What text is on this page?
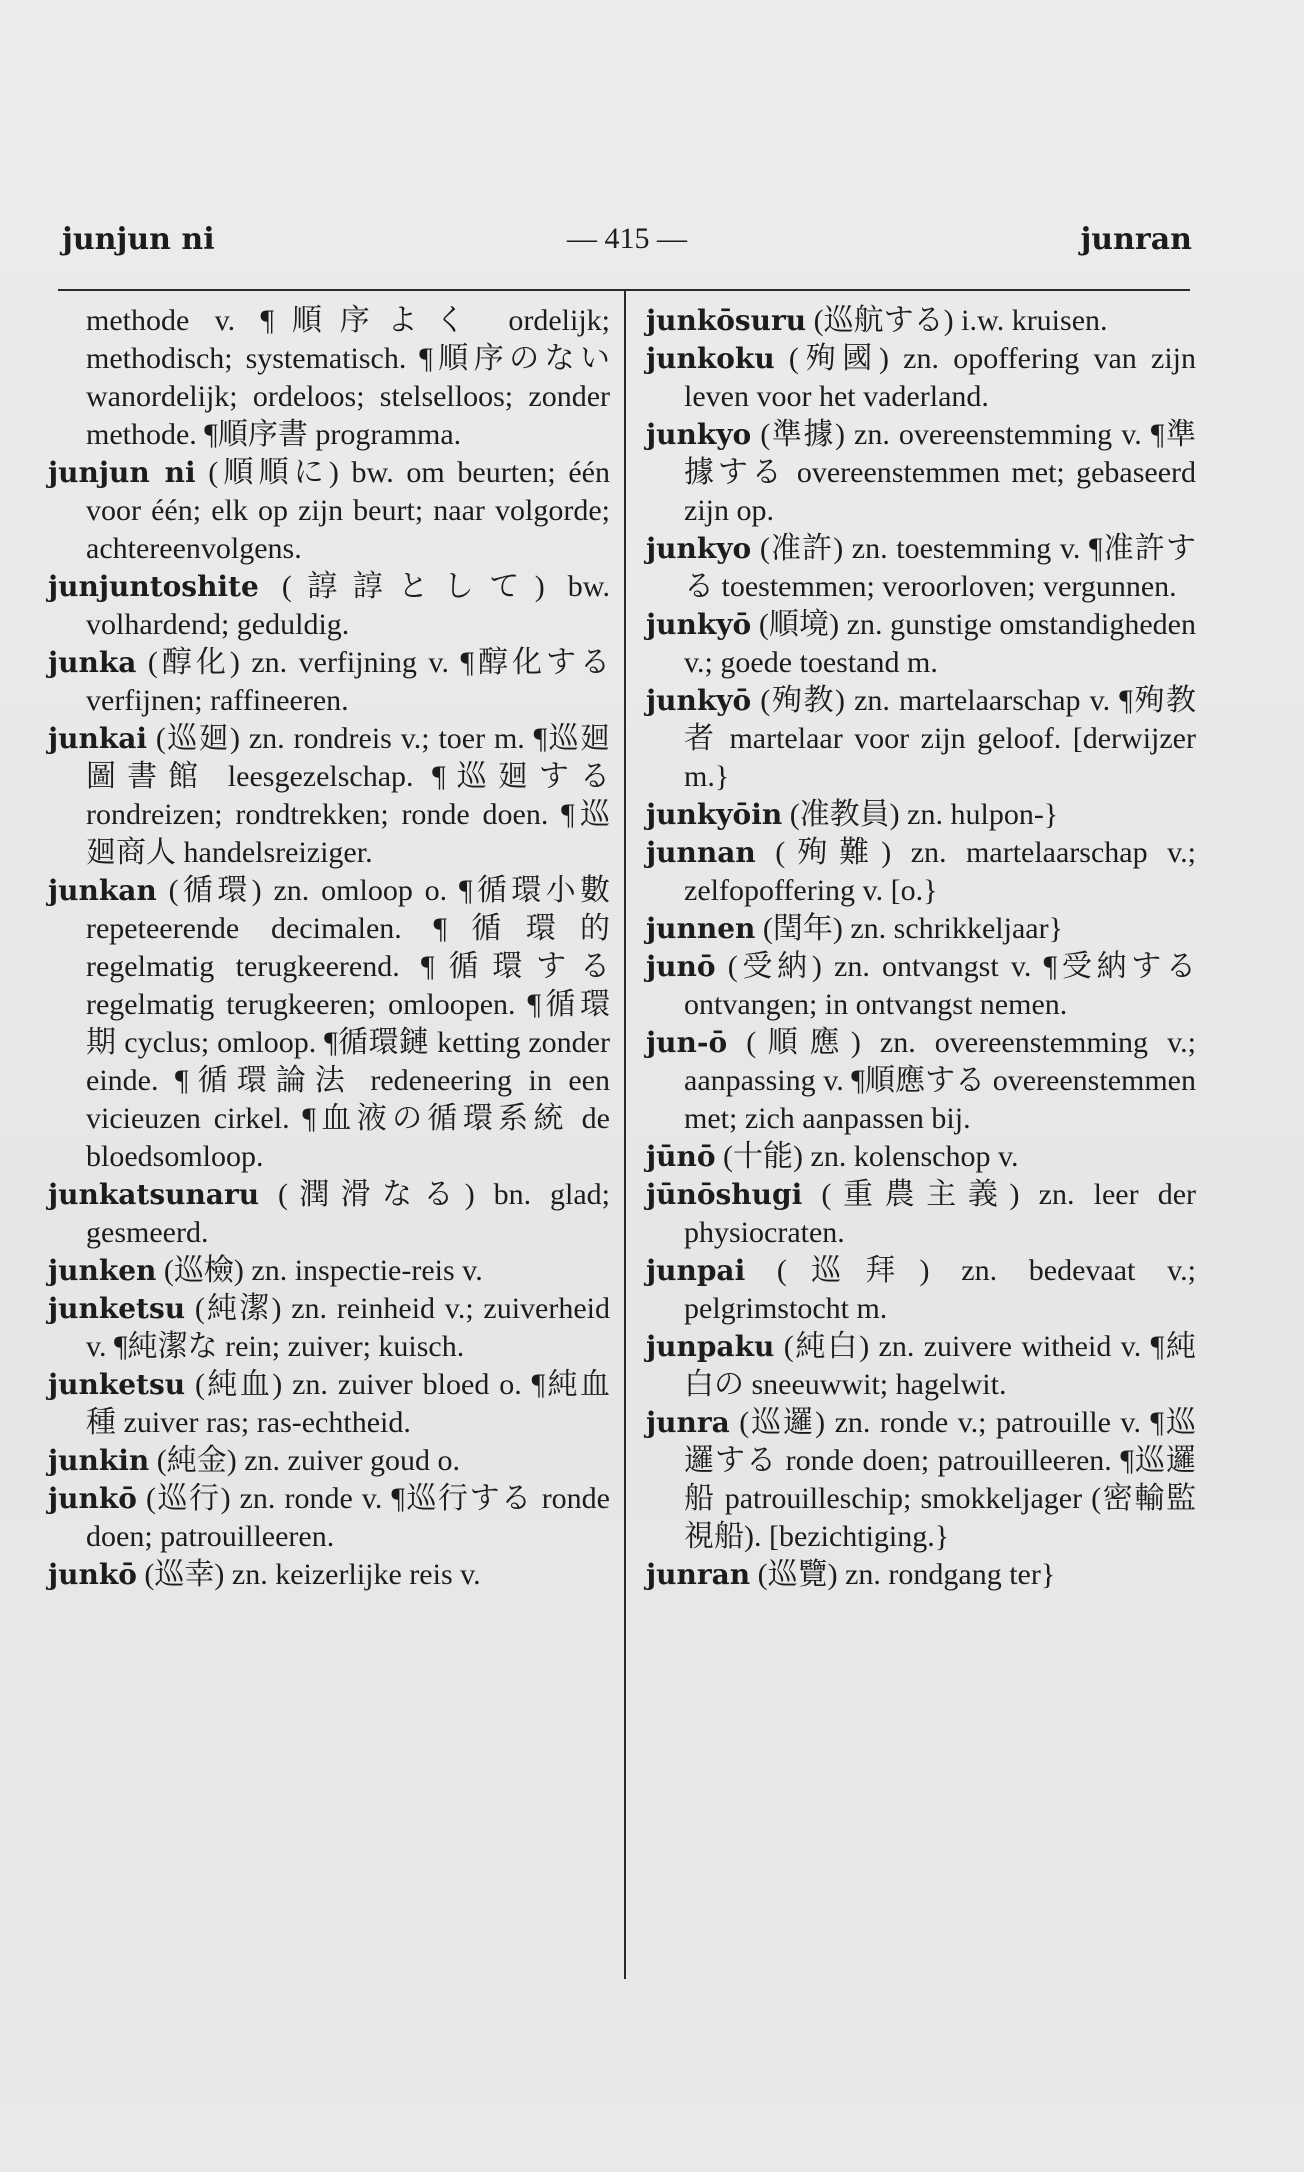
junjun ni	— 415 —	junran

methode v. ¶順序よく ordelijk; methodisch; systematisch. ¶順序のない wanordelijk; ordeloos; stelselloos; zonder methode. ¶順序書 programma.

junjun ni (順順に) bw. om beurten; één voor één; elk op zijn beurt; naar volgorde; achtereenvolgens.

junjuntoshite (諄諄として) bw. volhardend; geduldig.

junka (醇化) zn. verfijning v. ¶醇化する verfijnen; raffineeren.

junkai (巡廻) zn. rondreis v.; toer m. ¶巡廻圖書館 leesgezelschap. ¶巡廻する rondreizen; rondtrekken; ronde doen. ¶巡廻商人 handelsreiziger.

junkan (循環) zn. omloop o. ¶循環小數 repeteerende decimalen. ¶循環的 regelmatig terugkeerend. ¶循環する regelmatig terugkeeren; omloopen. ¶循環期 cyclus; omloop. ¶循環鏈 ketting zonder einde. ¶循環論法 redeneering in een vicieuzen cirkel. ¶血液の循環系統 de bloedsomloop.

junkatsunaru (潤滑なる) bn. glad; gesmeerd.

junken (巡檢) zn. inspectie-reis v.

junketsu (純潔) zn. reinheid v.; zuiverheid v. ¶純潔な rein; zuiver; kuisch.

junketsu (純血) zn. zuiver bloed o. ¶純血種 zuiver ras; ras-echtheid.

junkin (純金) zn. zuiver goud o.

junkō (巡行) zn. ronde v. ¶巡行する ronde doen; patrouilleeren.

junkō (巡幸) zn. keizerlijke reis v.

junkōsuru (巡航する) i.w. kruisen.

junkoku (殉國) zn. opoffering van zijn leven voor het vaderland.

junkyo (準據) zn. overeenstemming v. ¶準據する overeenstemmen met; gebaseerd zijn op.

junkyo (准許) zn. toestemming v. ¶准許する toestemmen; veroorloven; vergunnen.

junkyō (順境) zn. gunstige omstandigheden v.; goede toestand m.

junkyō (殉教) zn. martelaarschap v. ¶殉教者 martelaar voor zijn geloof. [derwijzer m.}

junkyōin (准教員) zn. hulpon-}

junnan (殉難) zn. martelaarschap v.; zelfopoffering v. [o.}

junnen (閏年) zn. schrikkeljaar}

junō (受納) zn. ontvangst v. ¶受納する ontvangen; in ontvangst nemen.

jun-ō (順應) zn. overeenstemming v.; aanpassing v. ¶順應する overeenstemmen met; zich aanpassen bij.

jūnō (十能) zn. kolenschop v.

jūnōshugi (重農主義) zn. leer der physiocraten.

junpai (巡拜) zn. bedevaat v.; pelgrimstocht m.

junpaku (純白) zn. zuivere witheid v. ¶純白の sneeuwwit; hagelwit.

junra (巡邏) zn. ronde v.; patrouille v. ¶巡邏する ronde doen; patrouilleeren. ¶巡邏船 patrouilleschip; smokkeljager (密輸監視船). [bezichtiging.}

junran (巡覽) zn. rondgang ter}
